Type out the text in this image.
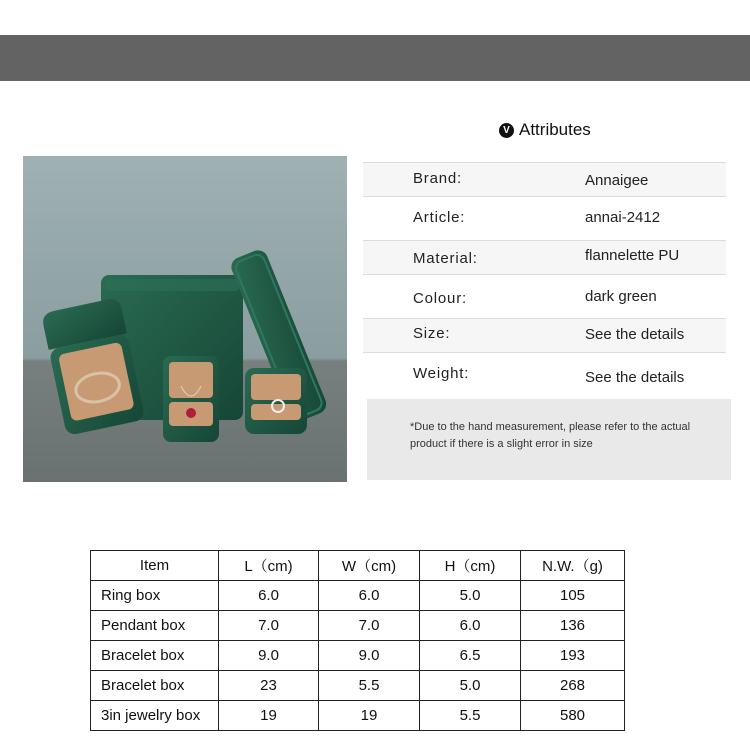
V Attributes
Brand:	Annaigee
Article:	annai-2412
Material:	flannelette PU
Colour:	dark green
Size:	See the details
Weight:	See the details

*Due to the hand measurement, please refer to the actual product if there is a slight error in size

Item	L（cm)	W（cm)	H（cm)	N.W.（g)
Ring box	6.0	6.0	5.0	105
Pendant box	7.0	7.0	6.0	136
Bracelet box	9.0	9.0	6.5	193
Bracelet box	23	5.5	5.0	268
3in jewelry box	19	19	5.5	580
